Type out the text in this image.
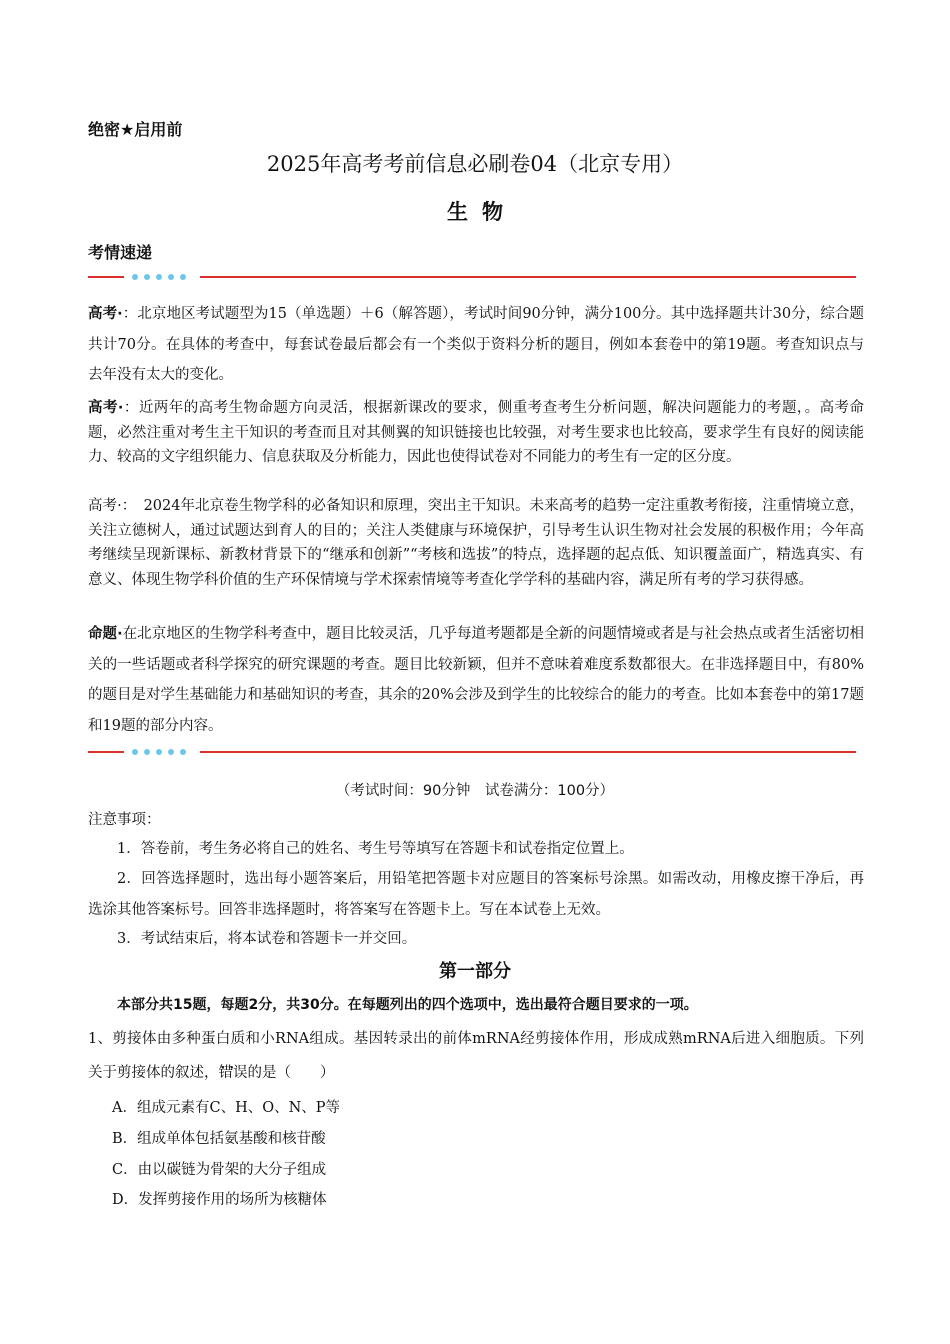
绝密★启用前
2025年高考考前信息必刷卷04（北京专用）
生物
考情速递
高考·：北京地区考试题型为15（单选题）＋6（解答题），考试时间90分钟，满分100分。其中选择题共计30分，综合题共计70分。在具体的考查中，每套试卷最后都会有一个类似于资料分析的题目，例如本套卷中的第19题。考查知识点与去年没有太大的变化。
高考·：近两年的高考生物命题方向灵活，根据新课改的要求，侧重考查考生分析问题，解决问题能力的考题，。高考命题，必然注重对考生主干知识的考查而且对其侧翼的知识链接也比较强，对考生要求也比较高，要求学生有良好的阅读能力、较高的文字组织能力、信息获取及分析能力，因此也使得试卷对不同能力的考生有一定的区分度。
高考·：　2024年北京卷生物学科的必备知识和原理，突出主干知识。未来高考的趋势一定注重教考衔接，注重情境立意，关注立德树人，通过试题达到育人的目的；关注人类健康与环境保护，引导考生认识生物对社会发展的积极作用；今年高考继续呈现新课标、新教材背景下的“继承和创新”“考核和选拔”的特点，选择题的起点低、知识覆盖面广，精选真实、有意义、体现生物学科价值的生产环保情境与学术探索情境等考查化学学科的基础内容，满足所有考的学习获得感。
命题·在北京地区的生物学科考查中，题目比较灵活，几乎每道考题都是全新的问题情境或者是与社会热点或者生活密切相关的一些话题或者科学探究的研究课题的考查。题目比较新颖，但并不意味着难度系数都很大。在非选择题目中，有80%的题目是对学生基础能力和基础知识的考查，其余的20%会涉及到学生的比较综合的能力的考查。比如本套卷中的第17题和19题的部分内容。
（考试时间：90分钟　试卷满分：100分）
注意事项：
1．答卷前，考生务必将自己的姓名、考生号等填写在答题卡和试卷指定位置上。
2．回答选择题时，选出每小题答案后，用铅笔把答题卡对应题目的答案标号涂黑。如需改动，用橡皮擦干净后，再选涂其他答案标号。回答非选择题时，将答案写在答题卡上。写在本试卷上无效。
3．考试结束后，将本试卷和答题卡一并交回。
第一部分
本部分共15题，每题2分，共30分。在每题列出的四个选项中，选出最符合题目要求的一项。
1、剪接体由多种蛋白质和小RNA组成。基因转录出的前体mRNA经剪接体作用，形成成熟mRNA后进入细胞质。下列关于剪接体的叙述，· · 错误的是（　　）
A．组成元素有C、H、O、N、P等
B．组成单体包括氨基酸和核苷酸
C．由以碳链为骨架的大分子组成
D．发挥剪接作用的场所为核糖体
